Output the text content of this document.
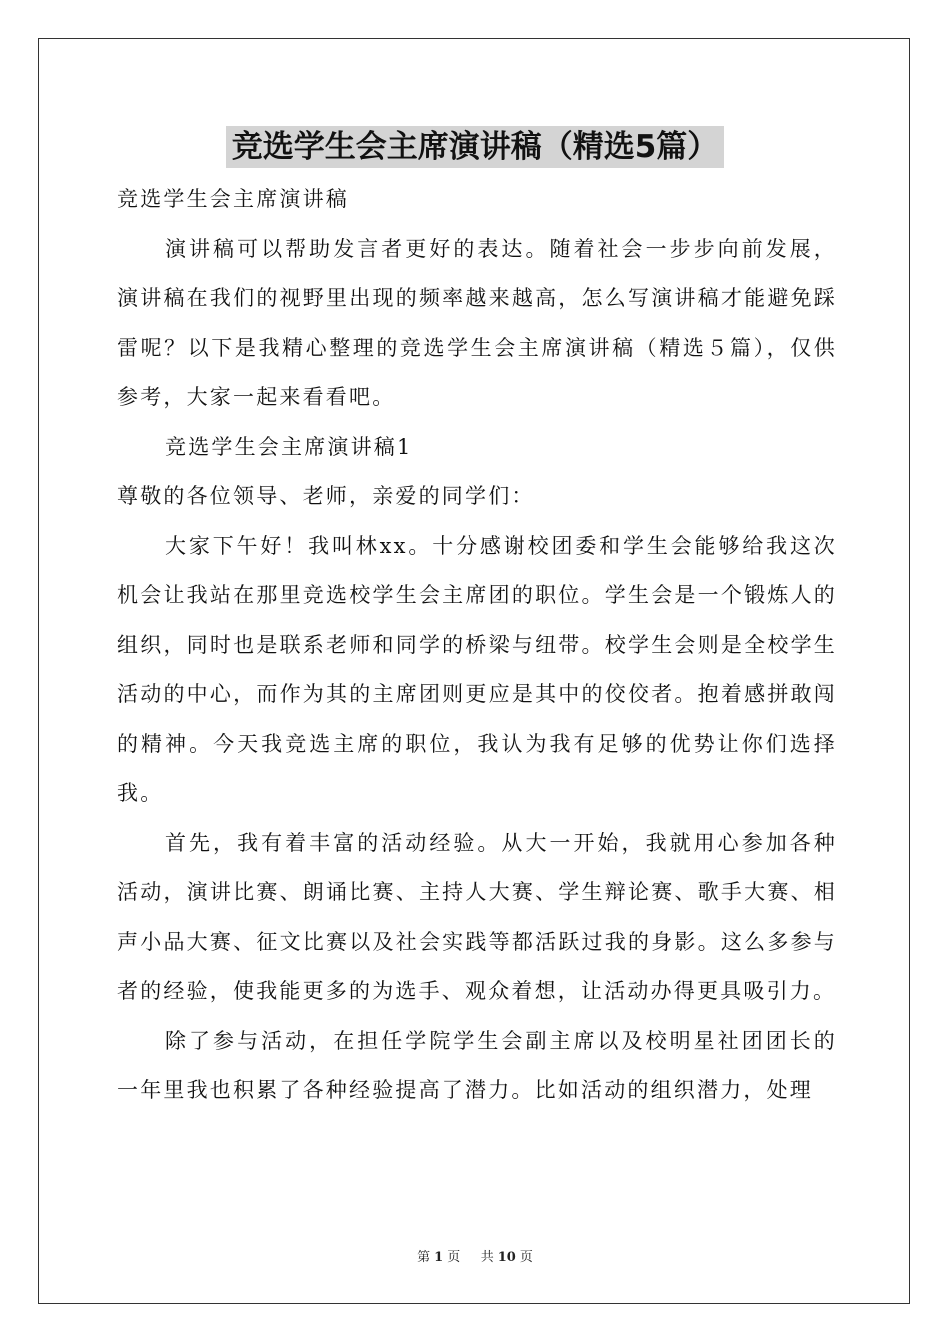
竞选学生会主席演讲稿（精选5篇）

竞选学生会主席演讲稿

演讲稿可以帮助发言者更好的表达。随着社会一步步向前发展，演讲稿在我们的视野里出现的频率越来越高，怎么写演讲稿才能避免踩雷呢？以下是我精心整理的竞选学生会主席演讲稿（精选５篇），仅供参考，大家一起来看看吧。

竞选学生会主席演讲稿1

尊敬的各位领导、老师，亲爱的同学们：

大家下午好！我叫林xx。十分感谢校团委和学生会能够给我这次机会让我站在那里竞选校学生会主席团的职位。学生会是一个锻炼人的组织，同时也是联系老师和同学的桥梁与纽带。校学生会则是全校学生活动的中心，而作为其的主席团则更应是其中的佼佼者。抱着感拼敢闯的精神。今天我竞选主席的职位，我认为我有足够的优势让你们选择我。

首先，我有着丰富的活动经验。从大一开始，我就用心参加各种活动，演讲比赛、朗诵比赛、主持人大赛、学生辩论赛、歌手大赛、相声小品大赛、征文比赛以及社会实践等都活跃过我的身影。这么多参与者的经验，使我能更多的为选手、观众着想，让活动办得更具吸引力。

除了参与活动，在担任学院学生会副主席以及校明星社团团长的一年里我也积累了各种经验提高了潜力。比如活动的组织潜力，处理

第 1 页 共 10 页
